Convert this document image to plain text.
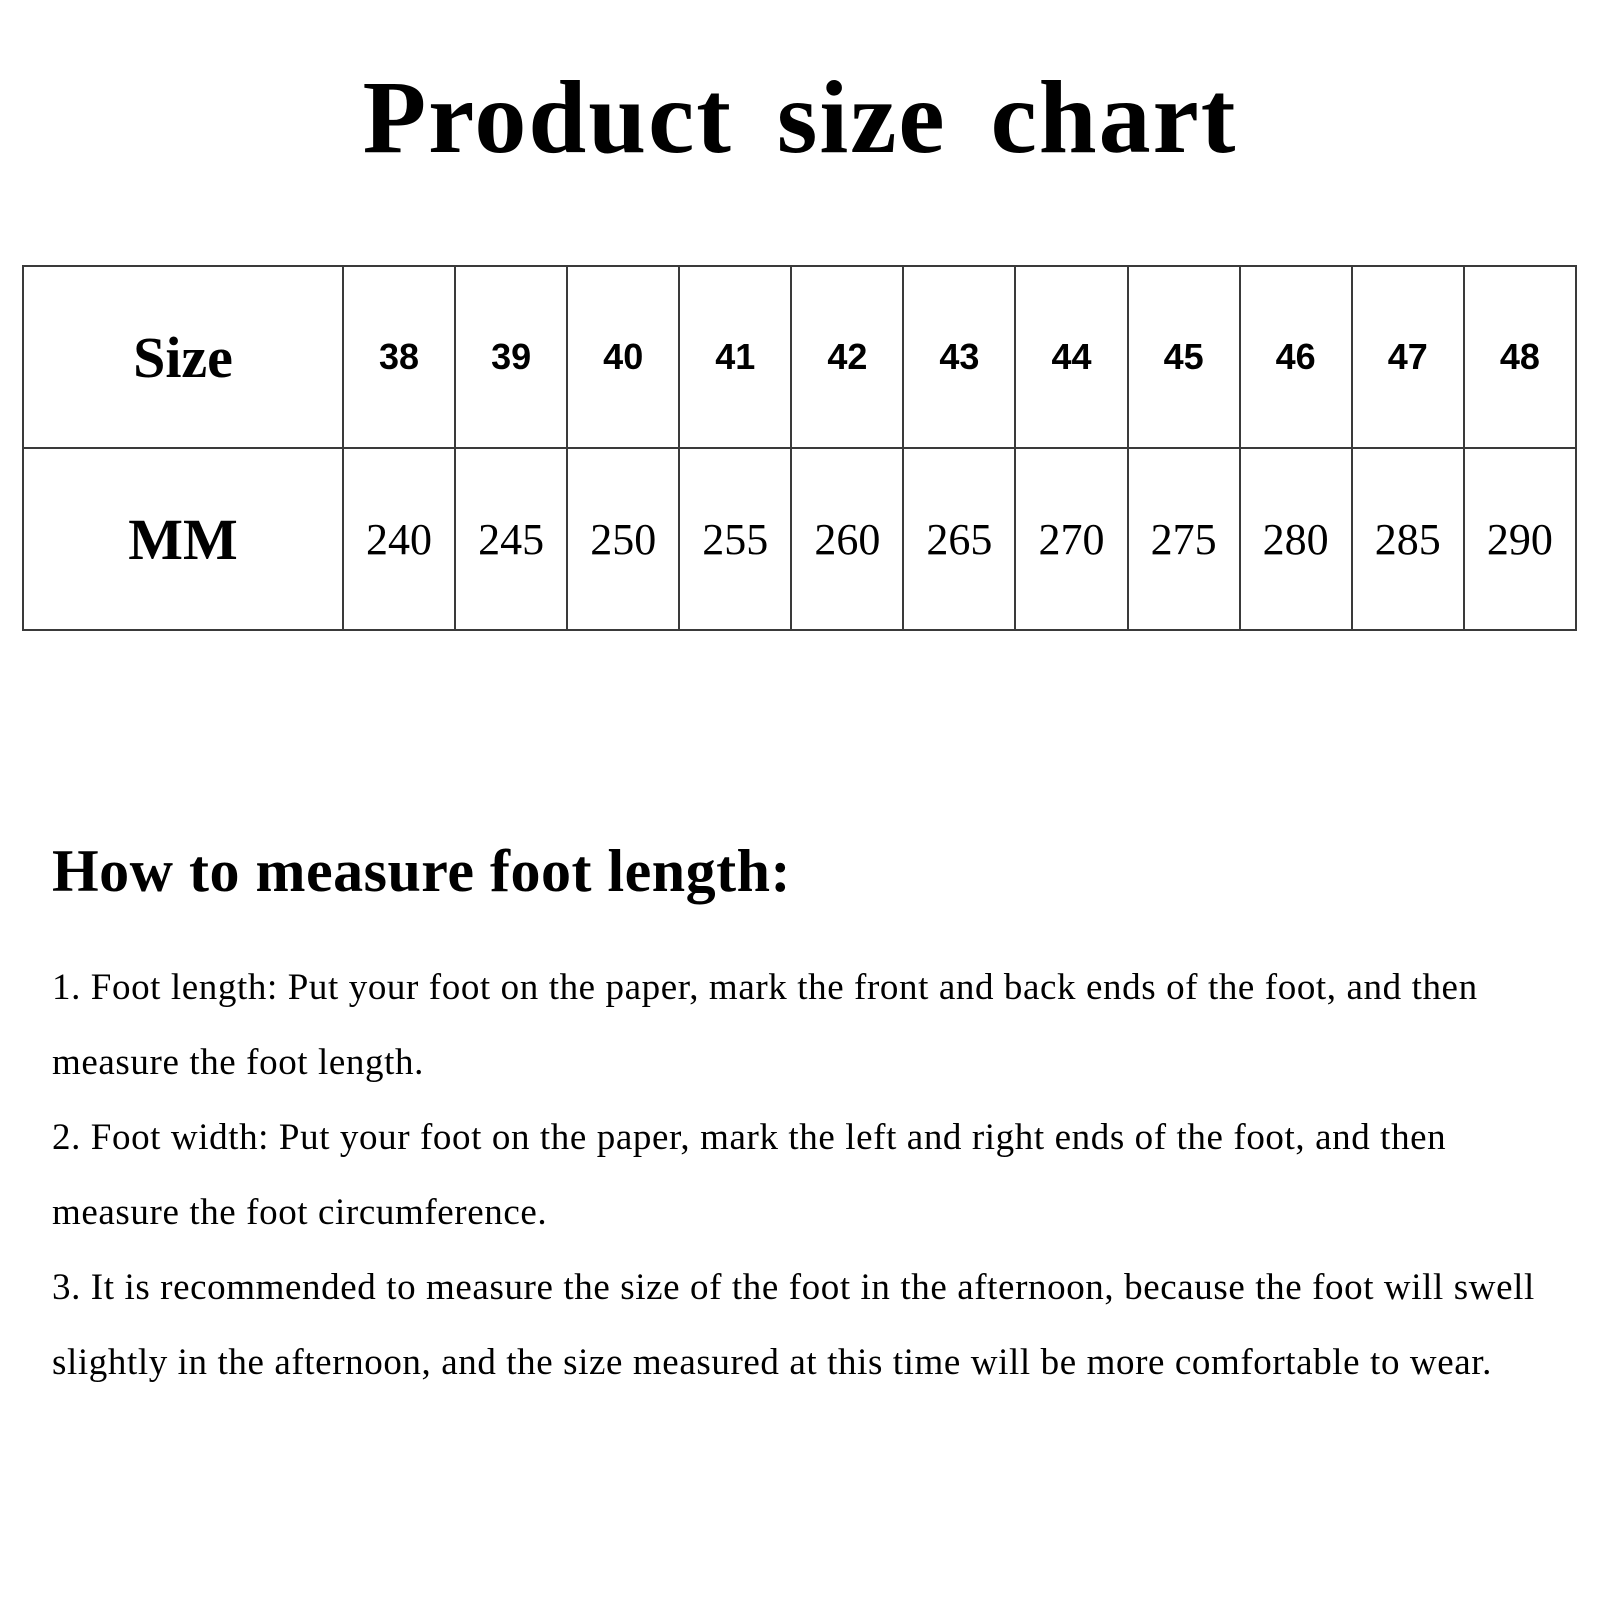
Product size chart
Size	38	39	40	41	42	43	44	45	46	47	48
MM	240	245	250	255	260	265	270	275	280	285	290
How to measure foot length:

1. Foot length: Put your foot on the paper, mark the front and back ends of the foot, and then measure the foot length.

2. Foot width: Put your foot on the paper, mark the left and right ends of the foot, and then measure the foot circumference.

3. It is recommended to measure the size of the foot in the afternoon, because the foot will swell slightly in the afternoon, and the size measured at this time will be more comfortable to wear.
